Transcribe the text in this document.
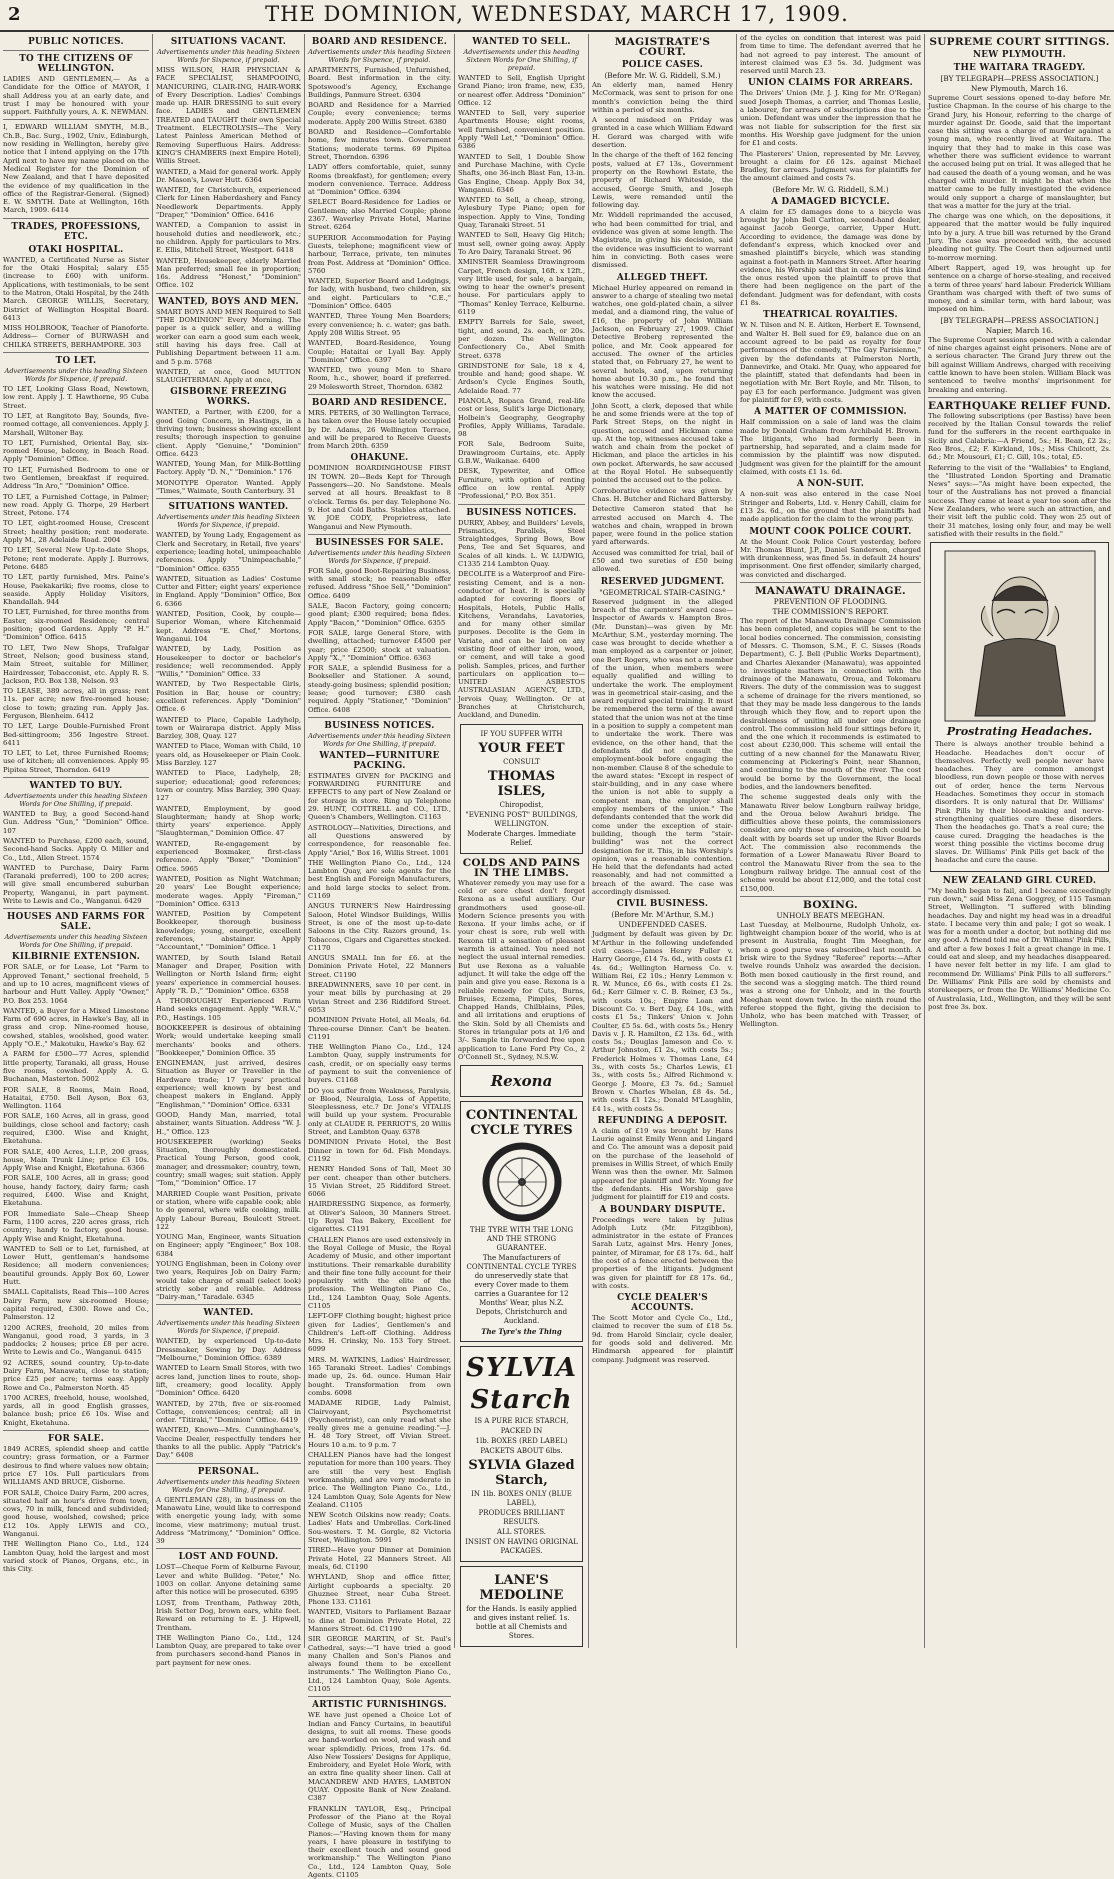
2	THE DOMINION, WEDNESDAY, MARCH 17, 1909.
PUBLIC NOTICES.
TO THE CITIZENS OF WELLINGTON.

LADIES AND GENTLEMEN,— As a Candidate for the Office of MAYOR, I shall Address you at an early date, and trust I may be honoured with your support. Faithfully yours, A. K. NEWMAN.

I, EDWARD WILLIAM SMYTH, M.B., Ch.B., Bac. Surg., 1902, Univ., Edinburgh, now residing in Wellington, hereby give notice that I intend applying on the 17th April next to have my name placed on the Medical Register for the Dominion of New Zealand, and that I have deposited the evidence of my qualification in the office of the Registrar-General. (Signed) E. W. SMYTH. Date at Wellington, 16th March, 1909. 6414

TRADES, PROFESSIONS, ETC.
OTAKI HOSPITAL.

WANTED, a Certificated Nurse as Sister for the Otaki Hospital; salary £55 (increase to £60) with uniform. Applications, with testimonials, to be sent to the Matron, Otaki Hospital, by the 24th March. GEORGE WILLIS, Secretary, District of Wellington Hospital Board. 6413

MISS HOLBROOK, Teacher of Pianoforte. Address— Corner of BURWASH and CHILKA STREETS, BERHAMPORE. 303

TO LET.
Advertisements under this heading Sixteen Words for Sixpence, if prepaid.

TO LET, Looking Glass Road, Newtown, low rent. Apply J. T. Hawthorne, 95 Cuba Street.

TO LET, at Rangitoto Bay, Sounds, five-roomed cottage, all conveniences. Apply J. Marshall, Wiltoner Bay.

TO LET, Furnished, Oriental Bay, six-roomed House, balcony, in Beach Road. Apply "Dominion" Office.

TO LET, Furnished Bedroom to one or two Gentlemen, breakfast if required. Address "In Aro," "Dominion" Office.

TO LET, a Furnished Cottage, in Palmer; new road. Apply G. Thorpe, 29 Herbert Street, Petone. 174

TO LET, eight-roomed House, Crescent Street; healthy position; rent moderate. Apply M., 28 Adelaide Road. 2004

TO LET, Several New Up-to-date Shops, Petone; rent moderate. Apply J. Burrows, Petone. 6485

TO LET, partly furnished, Mrs. Paine's House, Paekakariki; five rooms, close to seaside. Apply Holiday Visitors, Khandallah. 944

TO LET, Furnished, for three months from Easter, six-roomed Residence; central position; good Gardens. Apply "P. H." "Dominion" Office. 6415

TO LET, Two New Shops, Trafalgar Street, Nelson; good business stand, Main Street, suitable for Milliner, Hairdresser, Tobacconist, etc. Apply R. S. Jackson, P.O. Box 138, Nelson. 93

TO LEASE, 389 acres, all in grass; rent 11s. per acre; new five-roomed house; close to town; grazing run. Apply Jas. Ferguson, Blenheim. 6412

TO LET, Large Double-Furnished Front Bed-sittingroom; 356 Ingestre Street. 6411

TO LET, to Let, three Furnished Rooms; use of kitchen; all conveniences. Apply 95 Pipitea Street, Thorndon. 6419

WANTED TO BUY.
Advertisements under this heading Sixteen Words for One Shilling, if prepaid.

WANTED to Buy, a good Second-hand Gun. Address "Gun," "Dominion" Office. 107

WANTED to Purchase, £200 each, sound, Second-hand Sacks. Apply O. Miller and Co., Ltd., Allen Street. 1574

WANTED to Purchase, Dairy Farm (Taranaki preferred), 100 to 200 acres; will give small encumbered suburban Property, Wanganui, in part payment. Write to Lewis and Co., Wanganui. 6429

HOUSES AND FARMS FOR SALE.
Advertisements under this heading Sixteen Words for One Shilling, if prepaid.
KILBIRNIE EXTENSION.

FOR SALE, or for Lease, Lot "Farm to Approved Tenant," sectional freehold, 5 and up to 10 acres, magnificent views of harbour and Hutt Valley. Apply "Owner," P.O. Box 253. 1064

WANTED, a Buyer for a Mixed Limestone Farm of 690 acres, in Hawke's Bay, all in grass and crop. Nine-roomed house, cowshed, stables, woolshed, good water. Apply "O.E.," Makotuku, Hawke's Bay. 62

A FARM for £500—77 Acres, splendid little property, Taranaki, all grass, House five rooms, cowshed. Apply A. G. Buchanan, Masterton. 5002

FOR SALE, 8 Rooms, Main Road, Hataitai, £750. Bell Ayson, Box 63, Wellington. 1164

FOR SALE, 160 Acres, all in grass, good buildings, close school and factory; cash required, £300. Wise and Knight, Eketahuna.

FOR SALE, 400 Acres, L.I.P., 200 grass, house, Main Trunk Line; price £3 10s. Apply Wise and Knight, Eketahuna. 6366

FOR SALE, 100 Acres, all in grass; good house, handy factory, dairy farm; cash required, £400. Wise and Knight, Eketahuna.

FOR Immediate Sale—Cheap Sheep Farm, 1100 acres, 220 acres grass, rich country; handy to factory, good house. Apply Wise and Knight, Eketahuna.

WANTED to Sell or to Let, furnished, at Lower Hutt, gentleman's handsome Residence; all modern conveniences; beautiful grounds. Apply Box 60, Lower Hutt.

SMALL Capitalists, Read This—100 Acres Dairy Farm, new six-roomed House; capital required, £300. Rowe and Co., Palmerston. 12

1200 ACRES, freehold, 20 miles from Wanganui, good road, 3 yards, in 3 paddocks; 2 houses; price £8 per acre. Write to Lewis and Co., Wanganui. 6415

92 ACRES, sound country, Up-to-date Dairy Farm, Manawatu, close to station; price £25 per acre; terms easy. Apply Rowe and Co., Palmerston North. 45

1700 ACRES, freehold, house, woolshed, yards, all in good English grasses, balance bush; price £6 10s. Wise and Knight, Eketahuna.

FOR SALE.

1849 ACRES, splendid sheep and cattle country; grass formation, or a Farmer desirous to find where values now obtain; price £7 10s. Full particulars from WILLIAMS AND BRUCE, Gisborne.

FOR SALE, Choice Dairy Farm, 200 acres, situated half an hour's drive from town, cows, 70 in milk, fenced and subdivided; good house, woolshed, cowshed; price £12 10s. Apply LEWIS and CO., Wanganui.

THE Wellington Piano Co., Ltd., 124 Lambton Quay, hold the largest and most varied stock of Pianos, Organs, etc., in this City.

SITUATIONS VACANT.
Advertisements under this heading Sixteen Words for Sixpence, if prepaid.

MISS WILSON, HAIR PHYSICIAN & FACE SPECIALIST, SHAMPOOING, MANICURING, CLAIR-ING, HAIR-WORK of Every Description. Ladies' Combings made up. HAIR DRESSING to suit every face. LADIES and GENTLEMEN TREATED and TAUGHT their own Special Treatment. ELECTROLYSIS—The Very Latest Painless American Method of Removing Superfluous Hairs. Address: KING'S CHAMBERS (next Empire Hotel), Willis Street.

WANTED, a Maid for general work. Apply Dr. Mason's, Lower Hutt. 6364

WANTED, for Christchurch, experienced Clerk for Linen Haberdashery and Fancy Needlework Departments. Apply "Draper," "Dominion" Office. 6416

WANTED, a Companion to assist in household duties and needlework, etc.; no children. Apply for particulars to Mrs. E. Ellis, Mitchell Street, Westport. 6418

WANTED, Housekeeper, elderly Married Man preferred; small fee in proportion; 16s. Address "Honest," "Dominion" Office. 102

WANTED, BOYS AND MEN.

SMART BOYS AND MEN Required to Sell "THE DOMINION" Every Morning. The paper is a quick seller, and a willing worker can earn a good sum each week, still having his days free. Call at Publishing Department between 11 a.m. and 5 p.m. 5768

WANTED, at once, Good MUTTON SLAUGHTERMAN. Apply at once,

GISBORNE FREEZING WORKS.

WANTED, a Partner, with £200, for a good Going Concern, in Hastings, in a thriving town; business showing excellent results; thorough inspection to genuine client. Apply "Genuine," "Dominion" Office. 6423

WANTED, Young Man, for Milk-Bottling Factory. Apply "D. N.," "Dominion." 176

MONOTYPE Operator. Wanted. Apply "Times," Waimate, South Canterbury. 31

SITUATIONS WANTED.
Advertisements under this heading Sixteen Words for Sixpence, if prepaid.

WANTED, by Young Lady, Engagement as Clerk and Secretary, in Retail, five years' experience; leading hotel, unimpeachable references. Apply "Unimpeachable," "Dominion" Office. 6355

WANTED, Situation as Ladies' Costume Cutter and Fitter; eight years' experience in England. Apply "Dominion" Office, Box 6. 6366

WANTED, Position, Cook, by couple—Superior Woman, where Kitchenmaid kept. Address "E. Chef," Mortons, Wanganui. 104

WANTED, by Lady, Position as Housekeeper to doctor or bachelor's residence; well recommended. Apply "Willis," "Dominion" Office. 33

WANTED, by Two Respectable Girls, Position in Bar, house or country; excellent references. Apply "Dominion" Office. 6

WANTED to Place, Capable Ladyhelp, town or Wairarapa district. Apply Miss Barzley, 308, Quay. 127

WANTED to Place, Woman with Child, 10 years old, as Housekeeper or Plain Cook. Miss Barzley. 127

WANTED to Place, Ladyhelp, 28; superior; educational; good references; town or country. Miss Barzley, 390 Quay. 127

WANTED, Employment, by good Slaughterman; handy at Shop work; thirty years' experience. Apply "Slaughterman," Dominion Office. 47

WANTED, Re-engagement by experienced Boxmaker, first-class reference. Apply "Boxer," "Dominion" Office. 5965

WANTED, Position as Night Watchman; 20 years' Lee Bought experience; moderate wages. Apply "Fireman," "Dominion" Office. 6313

WANTED, Position by Competent Bookkeeper, thorough business knowledge; young, energetic, excellent references, abstainer. Apply "Accountant," "Dominion" Office. 1

WANTED, by South Island Retail Manager and Draper, Position with Wellington or North Island firm; eight years' experience in commercial houses. Apply "R. D.," "Dominion" Office. 6358

A THOROUGHLY Experienced Farm Hand seeks engagement. Apply "W.R.V.," P.O., Hastings. 105

BOOKKEEPER is desirous of obtaining Work; would undertake keeping small merchants' books and others. "Bookkeeper," Dominion Office. 35

ENGINEMAN, just arrived, desires Situation as Buyer or Traveller in the Hardware trade; 17 years' practical experience; well known by best and cheapest makers in England. Apply "Englishman," "Dominion" Office. 6331

GOOD, Handy Man, married, total abstainer, wants Situation. Address "W. J. H.," Office. 123

HOUSEKEEPER (working) Seeks Situation, thoroughly domesticated. Practical Young Person, good cook, manager, and dressmaker; country, town, country; small wages; suit station. Apply "Tom," "Dominion" Office. 17

MARRIED Couple want Position, private or station, where wife capable cook; able to do general, where wife cooking, milk. Apply Labour Bureau, Boulcott Street. 122

YOUNG Man, Engineer, wants Situation on Engineer; apply "Engineer," Box 108. 6384

YOUNG Englishman, been in Colony over two years, Requires Job on Dairy Farm; would take charge of small (select look) strictly sober and reliable. Address "Dairy-man," Taradale. 6345

WANTED.
Advertisements under this heading Sixteen Words for Sixpence, if prepaid.

WANTED, by experienced Up-to-date Dressmaker, Sewing by Day. Address "Melbourne," Dominion Office. 6389

WANTED to Learn Small Stores, with two acres land, junction lines to route, shop-lift, creamery; good locality. Apply "Dominion" Office. 6420

WANTED, by 27th, five or six-roomed Cottage, conveniences; central; all in order. "Titiraki," "Dominion" Office. 6419

WANTED, Known—Mrs. Cunninghame's, Vaccine Dealer, respectfully tenders her thanks to all the public. Apply "Patrick's Day." 6408

PERSONAL.
Advertisements under this heading Sixteen Words for One Shilling, if prepaid.

A GENTLEMAN (28), in business on the Manawatu Line, would like to correspond with energetic young lady, with some income, view matrimony; mutual trust. Address "Matrimony," "Dominion" Office. 39

LOST AND FOUND.

LOST—Cheque Form of Kelburne Favour, Lever and white Bulldog. "Peter," No. 1003 on collar. Anyone detaining same after this notice will be prosecuted. 6395

LOST, from Trentham, Pathway 20th, Irish Setter Dog, brown ears, white feet. Reward on returning to E. J. Hipwell, Trentham.

THE Wellington Piano Co., Ltd., 124 Lambton Quay, are prepared to take over from purchasers second-hand Pianos in part payment for new ones.

BOARD AND RESIDENCE.
Advertisements under this heading Sixteen Words for Sixpence, if prepaid.

APARTMENTS, Furnished, Unfurnished, Board. Best information in the city. Spotswood's Agency, Exchange Buildings, Panmure Street. 6304

BOARD and Residence for a Married Couple; every convenience; terms moderate. Apply 200 Willis Street. 6380

BOARD and Residence—Comfortable home, few minutes town. Government Stations; moderate terms. 69 Pipitea Street, Thorndon. 6396

LADY offers comfortable, quiet, sunny Rooms (breakfast), for gentlemen; every modern convenience. Terrace. Address at "Dominion" Office. 6394

SELECT Board-Residence for Ladies or Gentlemen; also Married Couple; phone 2367. Waverley Private Hotel, Marine Street. 6264

SUPERIOR Accommodation for Paying Guests, telephone; magnificent view of harbour, Terrace, private, ten minutes from Post. Address at "Dominion" Office. 5760

WANTED, Superior Board and Lodgings, for lady, with husband, two children, six and eight. Particulars to "C.E.," "Dominion" Office. 6405

WANTED, Three Young Men Boarders; every convenience; h. c. water; gas bath. Apply 208 Willis Street. 95

WANTED, Board-Residence, Young Couple; Hataitai or Lyall Bay. Apply "Dominion" Office. 6397

WANTED, two young Men to Share Room, h.c., shower, board if preferred. 29 Molesworth Street, Thorndon. 6382

BOARD AND RESIDENCE.

MRS. PETERS, of 30 Wellington Terrace, has taken over the House lately occupied by Dr. Adams, 26 Wellington Terrace, and will be prepared to Receive Guests from March 20th. 6359

OHAKUNE.

DOMINION BOARDINGHOUSE FIRST IN TOWN. 20—Beds Kept for Through Passengers—20. No Sandstone. Meals served at all hours. Breakfast to 8 o'clock. Terms 6s. per day. Telephone No. 9. Hot and Cold Baths. Stables attached. W. JOE CODY, Proprietress, late Wanganui and New Plymouth.

BUSINESSES FOR SALE.
Advertisements under this heading Sixteen Words for Sixpence, if prepaid.

FOR Sale, good Boot-Repairing Business, with small stock; no reasonable offer refused. Address "Shoe Sell," "Dominion" Office. 6409

SALE, Bacon Factory, going concern; good plant; £300 required; bona fides. Apply "Bacon," "Dominion" Office. 6355

FOR SALE, large General Store, with dwelling, attached; turnover £4500 per year; price £2500; stock at valuation. Apply "X.," "Dominion" Office. 6363

FOR SALE, a splendid Business for a Bookseller and Stationer. A sound, steady-going business; splendid position; lease; good turnover; £380 cash required. Apply "Stationer," "Dominion" Office. 6408

BUSINESS NOTICES.
Advertisements under this heading Sixteen Words for One Shilling, if prepaid.
WANTED—FURNITURE PACKING.

ESTIMATES GIVEN for PACKING and FORWARDING FURNITURE and EFFECTS to any part of New Zealand or for storage in store. Ring up Telephone 29. HUNT, COTTRELL and CO., LTD., Queen's Chambers, Wellington. C1163

ASTROLOGY—Nativities, Directions, and all Questions answered by correspondence, for reasonable fee. Apply "Ariel," Box 16, Willis Street. 1001

THE Wellington Piano Co., Ltd., 124 Lambton Quay, are sole agents for the best English and Foreign Manufacturers, and hold large stocks to select from. C1169

ANGUS TURNER'S New Hairdressing Saloon, Hotel Windsor Buildings, Willis Street, is one of the most up-to-date Saloons in the City. Razors ground, 1s. Tobaccos, Cigars and Cigarettes stocked. C1170

ANGUS SMALL Inn for £6. at the Dominion Private Hotel, 22 Manners Street. C1190

BREADWINNERS, save 10 per cent. in your meat bills by purchasing at 29 Vivian Street and 236 Riddiford Street. 6053

DOMINION Private Hotel, all Meals, 6d. Three-course Dinner. Can't be beaten. C1191

THE Wellington Piano Co., Ltd., 124 Lambton Quay, supply instruments for cash, credit, or on specially easy terms of payment to suit the convenience of buyers. C1168

DO you suffer from Weakness, Paralysis, or Blood, Neuralgia, Loss of Appetite, Sleeplessness, etc.? Dr. Jone's VITALIS will build up your system. Procurable only at CLAUDE R. PERRIOT'S, 20 Willis Street, and Lambton Quay. 6378

DOMINION Private Hotel, the Best Dinner in town for 6d. Fish Mondays. C1192

HENRY Handed Sons of Tall, Meet 30 per cent. cheaper than other butchers. 15 Vivian Street, 25 Riddiford Street. 6066

HAIRDRESSING Sixpence, as formerly, at Oliver's Saloon, 30 Manners Street. Up Royal Tea Bakery, Excellent for cigarettes. C1191

CHALLEN Pianos are used extensively in the Royal College of Music, the Royal Academy of Music, and other important institutions. Their remarkable durability and their fine tone fully account for their popularity with the elite of the profession. The Wellington Piano Co., Ltd., 124 Lambton Quay, Sole Agents. C1105

LEFT-OFF Clothing bought; highest price given for Ladies', Gentlemen's and Children's Left-off Clothing. Address Mrs. H. Crinsky, No. 153 Tory Street. 6099

MRS. M. WATKINS, Ladies' Hairdresser, 165 Taranaki Street. Ladies' Combings made up, 2s. 6d. ounce. Human Hair bought. Transformation from own combs. 6098

MADAME RIDGE, Lady Palmist, Clairvoyant, Psychometrist (Psychometrist), can only read what she really gives me a genuine reading."—J. H. 48 Tory Street, off Vivian Street. Hours 10 a.m. to 9 p.m. 7

CHALLEN Pianos have had the longest reputation for more than 100 years. They are still the very best English workmanship, and are very moderate in price. The Wellington Piano Co., Ltd., 124 Lambton Quay, Sole Agents for New Zealand. C1105

NEW Scotch Oilskins now ready; Coats. Ladies' Hats and Umbrellas. Cork-lined Sou-westers. T. M. Gorgle, 82 Victoria Street, Wellington. 5991

TIRED—Have your Dinner at Dominion Private Hotel, 22 Manners Street. All meals, 6d. C1190

WHYLAND, Shop and office fitter, Airlight cupboards a specialty. 20 Ghuznee Street, near Cuba Street. Phone 133. C1161

WANTED, Visitors to Parliament Bazaar to dine at Dominion Private Hotel, 22 Manners Street. 6d. C1190

SIR GEORGE MARTIN, of St. Paul's Cathedral, says:—"I have tried a good many Challen and Son's Pianos and always found them to be excellent instruments." The Wellington Piano Co., Ltd., 124 Lambton Quay, Sole Agents. C1105

ARTISTIC FURNISHINGS.

WE have just opened a Choice Lot of Indian and Fancy Curtains, in beautiful designs, to suit all rooms. These goods are hand-worked on wool, and wash and wear splendidly. Prices, from 17s. 6d. Also New Tossiers' Designs for Applique, Embroidery, and Eyelet Hole Work, with an extra fine quality sheer linen. Call at MACANDREW AND HAYES, LAMBTON QUAY. Opposite Bank of New Zealand. C387

FRANKLIN TAYLOR, Esq., Principal Professor of the Piano at the Royal College of Music, says of the Challen Pianos:—"Having known them for many years, I have pleasure in testifying to their excellent touch and sound good workmanship." The Wellington Piano Co., Ltd., 124 Lambton Quay, Sole Agents. C1105

WANTED TO SELL.
Advertisements under this heading Sixteen Words for One Shilling, if prepaid.

WANTED to Sell, English Upright Grand Piano; iron frame, new, £35, or nearest offer. Address "Dominion" Office. 12

WANTED to Sell, very superior Apartments House; eight rooms, well furnished, convenient position. Apply "Well Let," "Dominion" Office. 6386

WANTED to Sell, 1 Double Show and Purchase Machine, with Cycle Shafts, one 36-inch Blast Fan, 13-in. Gas Engine, Cheap. Apply Box 34, Wanganui. 6346

WANTED to Sell, a cheap, strong, Aylesbury Type Piano; open for inspection. Apply to Vine, Tonding Quay, Taranaki Street. 51

WANTED to Sell, Heavy Gig Hitch; must sell, owner going away. Apply To Aro Dairy, Taranaki Street. 96

XMINSTER Seamless Drawingroom Carpet, French design, 16ft. x 12ft., very little used, for sale, a bargain, owing to hear the owner's present house. For particulars apply to "Thomas" Kenley Terrace, Kelburne. 6119

EMPTY Barrels for Sale, sweet, tight, and sound, 2s. each, or 20s. per dozen. The Wellington Confectionery Co., Abel Smith Street. 6378

GRINDSTONE for Sale, 18 x 4, trouble and hand; good shape. W. Ardson's Cycle Engines South, Adelaide Road. 77

PIANOLA, Ropaca Grand, real-life cost or less, Sulit's large Dictionary, Holbein's Geography, Geography Profiles, Apply Williams, Taradale. 98

FOR Sale, Bedroom Suite, Drawingroom Curtains, etc. Apply G.B.W., Waikanae. 6400

DESK, Typewriter, and Office Furniture, with option of renting office on low rental. Apply "Professional," P.O. Box 351.

BUSINESS NOTICES.

DURRY, Abbey, and Builders' Levels, Prismatics, Parallels, Steel Straightedges, Spring Bows, Bow Pens, Tee and Set Squares, and Scales of all kinds. L. W. LUDWIG, C1335 214 Lambton Quay.

DECOLITE is a Waterproof and Fire-resisting Cement, and is a non-conductor of heat. It is specially adapted for covering floors of Hospitals, Hotels, Public Halls, Kitchens, Verandahs, Lavatories, and for many other similar purposes. Decolite is the Gem in Variate, and can be laid on any existing floor of either iron, wood, or cement, and will take a good polish. Samples, prices, and further particulars on application to— UNITED ASBESTOS AUSTRALASIAN AGENCY, LTD., Jervois Quay, Wellington. Or at Branches at Christchurch, Auckland, and Dunedin.

IF YOU SUFFER WITH
YOUR FEET
CONSULT
THOMAS ISLES,
Chiropodist,
"EVENING POST" BUILDINGS, WELLINGTON.
Moderate Charges. Immediate Relief.
COLDS AND PAINS IN THE LIMBS.

Whatever remedy you may use for a cold or sore chest don't forget Rexona as a useful auxiliary. Our grandmothers used goose-oil. Modern Science presents you with Rexona. If your limbs ache, or if your chest is sore, rub well with Rexona till a sensation of pleasant warmth is attained. You need not neglect the usual internal remedies. But use Rexona as a valuable adjunct. It will take the edge off the pain and give you ease. Rexona is a reliable remedy for Cuts, Burns, Bruises, Eczema, Pimples, Sores, Chapped Hands, Chilblains, Piles, and all irritations and eruptions of the Skin. Sold by all Chemists and Stores in triangular pots at 1/6 and 3/-. Sample tin forwarded free upon application to Lane Ford Pty Co., 2 O'Connell St., Sydney, N.S.W.

Rexona
CONTINENTAL CYCLE TYRES
THE TYRE WITH THE LONG AND THE STRONG GUARANTEE.
The Manufacturers of CONTINENTAL CYCLE TYRES do unreservedly state that every Cover made to them carries a Guarantee for 12 Months' Wear, plus N.Z. Depots, Christchurch and Auckland.
The Tyre's the Thing
SYLVIA
Starch
IS A PURE RICE STARCH,
PACKED IN
1lb. BOXES (RED LABEL)
PACKETS ABOUT 6lbs.
SYLVIA Glazed Starch,
IN 1lb. BOXES ONLY (BLUE LABEL),
PRODUCES BRILLIANT RESULTS.
ALL STORES.
INSIST ON HAVING ORIGINAL PACKAGES.
LANE'S MEDOLINE
for the Hands. Is easily applied and gives instant relief. 1s. bottle at all Chemists and Stores.
MAGISTRATE'S COURT.
POLICE CASES.
(Before Mr. W. G. Riddell, S.M.)

An elderly man, named Henry McCormack, was sent to prison for one month's conviction being the third within a period of six months.

A second misdeed on Friday was granted in a case which William Edward H. Gerard was charged with wife desertion.

In the charge of the theft of 162 fencing posts, valued at £7 13s., Government property on the Rowhowi Estate, the property of Richard Whiteside, the accused, George Smith, and Joseph Lewis, were remanded until the following day.

Mr. Widdell reprimanded the accused, who had been committed for trial, and evidence was given at some length. The Magistrate, in giving his decision, said the evidence was insufficient to warrant him in convicting. Both cases were dismissed.

ALLEGED THEFT.

Michael Hurley appeared on remand in answer to a charge of stealing two metal watches, one gold-plated chain, a silver medal, and a diamond ring, the value of £16, the property of John William Jackson, on February 27, 1909. Chief Detective Broberg represented the police, and Mr. Cook appeared for accused. The owner of the articles stated that, on February 27, he went to several hotels, and, upon returning home about 10.30 p.m., he found that his watches were missing. He did not know the accused.

John Scott, a clerk, deposed that while he and some friends were at the top of Park Street Steps, on the night in question, accused and Hickman came up. At the top, witnesses accused take a watch and chain from the pocket of Hickman, and place the articles in his own pocket. Afterwards, he saw accused at the Royal Hotel. He subsequently pointed the accused out to the police.

Corroborative evidence was given by Chas. H. Butcher and Richard Battersby.

Detective Cameron stated that he arrested accused on March 4. The watches and chain, wrapped in brown paper, were found in the police station yard afterwards.

Accused was committed for trial, bail of £50 and two sureties of £50 being allowed.

RESERVED JUDGMENT.
"GEOMETRICAL STAIR-CASING."

Reserved judgment in the alleged breach of the carpenters' award case—Inspector of Awards v. Hampton Bros. (Mr. Dunstan)—was given by Mr. McArthur, S.M., yesterday morning. The case was brought to decide whether a man employed as a carpenter or joiner, one Bert Rogers, who was not a member of the union, when members were equally qualified and willing to undertake the work. The employment was in geometrical stair-casing, and the award required special training. It must be remembered the term of the award stated that the union was not at the time in a position to supply a competent man to undertake the work. There was evidence, on the other hand, that the defendants did not consult the employment-book before engaging the non-member. Clause 8 of the schedule to the award states: "Except in respect of stair-building, and in any case where the union is not able to supply a competent man, the employer shall employ members of the union." The defendants contended that the work did come under the exception of stair-building, though the term "stair-building" was not the correct designation for it. This, in his Worship's opinion, was a reasonable contention. He held that the defendants had acted reasonably, and had not committed a breach of the award. The case was accordingly dismissed.

CIVIL BUSINESS.
(Before Mr. M'Arthur, S.M.)
UNDEFENDED CASES.

Judgment by default was given by Dr. M'Arthur in the following undefended civil cases:—James Henry Fuller v. Harry George, £14 7s. 6d., with costs £1 4s. 6d.; Wellington Harness Co. v. William Rei, £2 10s.; Henry Lemmon v. R. W. Munce, £6 6s., with costs £1 2s. 6d.; Kerr Gilmer v. C. B. Reiner, £3 5s., with costs 10s.; Empire Loan and Discount Co. v. Bert Day, £4 10s., with costs £1 5s.; Tinkers' Union v. John Coulter, £5 5s. 6d., with costs 5s.; Henry Davis v. J. R. Hamilton, £2 13s. 6d., with costs 5s.; Douglas Jameson and Co. v. Arthur Johnston, £1 2s., with costs 5s.; Frederick Holmes v. Thomas Lane, £4 3s., with costs 5s.; Charles Lewis, £1 3s., with costs 5s.; Alfred Richmond v. George J. Moore, £3 7s. 6d.; Samuel Brown v. Charles Whelan, £8 4s. 5d., with costs £1 12s.; Donald M'Laughlin, £4 1s., with costs 5s.

REFUNDING A DEPOSIT.

A claim of £19 was brought by Hans Laurie against Emily Wenn and Lingard and Co. The amount was a deposit paid on the purchase of the leasehold of premises in Willis Street, of which Emily Wenn was then the owner. Mr. Salmon appeared for plaintiff and Mr. Young for the defendants. His Worship gave judgment for plaintiff for £19 and costs.

A BOUNDARY DISPUTE.

Proceedings were taken by Julius Adolph Lutz (Mr. Fitzgibbon), administrator in the estate of Frances Sarah Lutz, against Mrs. Henry Jones, painter, of Miramar, for £8 17s. 6d., half the cost of a fence erected between the properties of the litigants. Judgment was given for plaintiff for £8 17s. 6d., with costs.

CYCLE DEALER'S ACCOUNTS.

The Scott Motor and Cycle Co., Ltd., claimed to recover the sum of £18 5s. 9d. from Harold Sinclair, cycle dealer, for goods sold and delivered. Mr. Hindmarsh appeared for plaintiff company. Judgment was reserved.

of the cycles on condition that interest was paid from time to time. The defendant averred that he had not agreed to pay interest. The amount of interest claimed was £3 5s. 3d. Judgment was reserved until March 23.

UNION CLAIMS FOR ARREARS.

The Drivers' Union (Mr. J. J. King for Mr. O'Regan) sued Joseph Thomas, a carrier, and Thomas Leslie, a labourer, for arrears of subscriptions due to the union. Defendant was under the impression that he was not liable for subscription for the first six months. His Worship gave judgment for the union for £1 and costs.

The Plasterers' Union, represented by Mr. Levvey, brought a claim for £6 12s. against Michael Bradley, for arrears. Judgment was for plaintiffs for the amount claimed and costs 7s.

(Before Mr. W. G. Riddell, S.M.)
A DAMAGED BICYCLE.

A claim for £5 damages done to a bicycle was brought by John Bell Carlton, second-hand dealer, against Jacob George, carrier, Upper Hutt. According to evidence, the damage was done by defendant's express, which knocked over and smashed plaintiff's bicycle, which was standing against a foot-path in Manners Street. After hearing evidence, his Worship said that in cases of this kind the onus rested upon the plaintiff to prove that there had been negligence on the part of the defendant. Judgment was for defendant, with costs £1 8s.

THEATRICAL ROYALTIES.

W. N. Tilson and N. E. Aitken, Herbert E. Townsend, and Walter H. Bell sued for £9, balance due on an account agreed to be paid as royalty for four performances of the comedy, "The Gay Parisienne," given by the defendants at Palmerston North, Dannevirke, and Otaki. Mr. Quay, who appeared for the plaintiff, stated that defendants had been in negotiation with Mr. Bert Royle, and Mr. Tilson, to pay £3 for each performance. Judgment was given for plaintiff for £9, with costs.

A MATTER OF COMMISSION.

Half commission on a sale of land was the claim made by Donald Graham from Archibald H. Brown. The litigants, who had formerly been in partnership, had separated, and a claim made for commission by the plaintiff was now disputed. Judgment was given for the plaintiff for the amount claimed, with costs £1 1s. 6d.

A NON-SUIT.

A non-suit was also entered in the case Noel Stringer and Roberts, Ltd. v. Henry Cahill, claim for £13 2s. 6d., on the ground that the plaintiffs had made application for the claim to the wrong party.

MOUNT COOK POLICE COURT.

At the Mount Cook Police Court yesterday, before Mr. Thomas Blunt, J.P., Daniel Sanderson, charged with drunkenness, was fined 5s. in default 24 hours' imprisonment. One first offender, similarly charged, was convicted and discharged.

MANAWATU DRAINAGE.
PREVENTION OF FLOODING.
THE COMMISSION'S REPORT.

The report of the Manawatu Drainage Commission has been completed, and copies will be sent to the local bodies concerned. The commission, consisting of Messrs. C. Thomson, S.M., F. C. Sisses (Roads Department), C. J. Bell (Public Works Department), and Charles Alexander (Manawatu), was appointed to investigate matters in connection with the drainage of the Manawatu, Oroua, and Tokomaru Rivers. The duty of the commission was to suggest a scheme of drainage for the rivers mentioned, so that they may be made less dangerous to the lands through which they flow, and to report upon the desirableness of uniting all under one drainage control. The commission held four sittings before it, and the one which it recommends is estimated to cost about £230,000. This scheme will entail the cutting of a new channel for the Manawatu River, commencing at Pickering's Point, near Shannon, and continuing to the mouth of the river. The cost would be borne by the Government, the local bodies, and the landowners benefited.

The scheme suggested deals only with the Manawatu River below Longburn railway bridge, and the Oroua below Awahuri bridge. The difficulties above these points, the commissioners consider, are only those of erosion, which could be dealt with by boards set up under the River Boards Act. The commission also recommends the formation of a Lower Manawatu River Board to control the Manawatu River from the sea to the Longburn railway bridge. The annual cost of the scheme would be about £12,000, and the total cost £150,000.

BOXING.
UNHOLY BEATS MEEGHAN.

Last Tuesday, at Melbourne, Rudolph Unholz, ex-lightweight champion boxer of the world, who is at present in Australia, fought Tim Meeghan, for whom a good purse was subscribed last month. A brisk wire to the Sydney "Referee" reports:—After twelve rounds Unholz was awarded the decision. Both men boxed cautiously in the first round, and the second was a slogging match. The third round was a strong one for Unholz, and in the fourth Meeghan went down twice. In the ninth round the referee stopped the fight, giving the decision to Unholz, who has been matched with Trasser, of Wellington.

SUPREME COURT SITTINGS.
NEW PLYMOUTH.
THE WAITARA TRAGEDY.
[BY TELEGRAPH—PRESS ASSOCIATION.]
New Plymouth, March 16.

Supreme Court sessions opened to-day before Mr. Justice Chapman. In the course of his charge to the Grand Jury, his Honour, referring to the charge of murder against Dr. Goode, said that the important case this sitting was a charge of murder against a young man, who recently lived at Waitara. The inquiry that they had to make in this case was whether there was sufficient evidence to warrant the accused being put on trial. It was alleged that he had caused the death of a young woman, and he was charged with murder. It might be that when the matter came to be fully investigated the evidence would only support a charge of manslaughter, but that was a matter for the jury at the trial.

The charge was one which, on the depositions, it appeared that the matter would be fully inquired into by a jury. A true bill was returned by the Grand Jury. The case was proceeded with, the accused pleading not guilty. The Court then adjourned until to-morrow morning.

Albert Rappert, aged 19, was brought up for sentence on a charge of horse-stealing, and received a term of three years' hard labour. Frederick William Grantham was charged with theft of two sums of money, and a similar term, with hard labour, was imposed on him.

[BY TELEGRAPH—PRESS ASSOCIATION.]
Napier, March 16.

The Supreme Court sessions opened with a calendar of nine charges against eight prisoners. None are of a serious character. The Grand Jury threw out the bill against William Andrews, charged with receiving cattle known to have been stolen. William Black was sentenced to twelve months' imprisonment for breaking and entering.

EARTHQUAKE RELIEF FUND.

The following subscriptions (per Bastiss) have been received by the Italian Consul towards the relief fund for the sufferers in the recent earthquake in Sicily and Calabria:—A Friend, 5s.; H. Bean, £2 2s.; Reo Bros., £2; F. Kirkland, 10s.; Miss Chilcott, 2s. 6d.; Mr. Mousouri, £1; C. Gill, 10s.; total, £5.

Referring to the visit of the "Wallabies" to England, the "Illustrated London Sporting and Dramatic News" says:—"As might have been expected, the tour of the Australians has not proved a financial success. They came at least a year too soon after the New Zealanders, who were such an attraction, and their visit left the public cold. They won 25 out of their 31 matches, losing only four, and may be well satisfied with their results in the field."

Prostrating Headaches.

There is always another trouble behind a Headache. Headaches don't occur of themselves. Perfectly well people never have headaches. They are common amongst bloodless, run down people or those with nerves out of order, hence the term Nervous Headaches. Sometimes they occur in stomach disorders. It is only natural that Dr. Williams' Pink Pills by their blood-making and nerve-strengthening qualities cure these disorders. Then the headaches go. That's a real cure; the cause cured. Dragging the headaches is the worst thing possible the victims become drug slaves. Dr. Williams' Pink Pills get back of the headache and cure the cause.

NEW ZEALAND GIRL CURED.

"My health began to fail, and I became exceedingly run down," said Miss Zena Goggrey, of 115 Tasman Street, Wellington. "I suffered with blinding headaches. Day and night my head was in a dreadful state. I became very thin and pale; I got so weak. I was for a month under a doctor, but nothing did me any good. A friend told me of Dr. Williams' Pink Pills, and after a few boxes I felt a great change in me. I could eat and sleep, and my headaches disappeared. I have never felt better in my life. I am glad to recommend Dr. Williams' Pink Pills to all sufferers." Dr. Williams' Pink Pills are sold by chemists and storekeepers, or from the Dr. Williams' Medicine Co. of Australasia, Ltd., Wellington, and they will be sent post free 3s. box.
